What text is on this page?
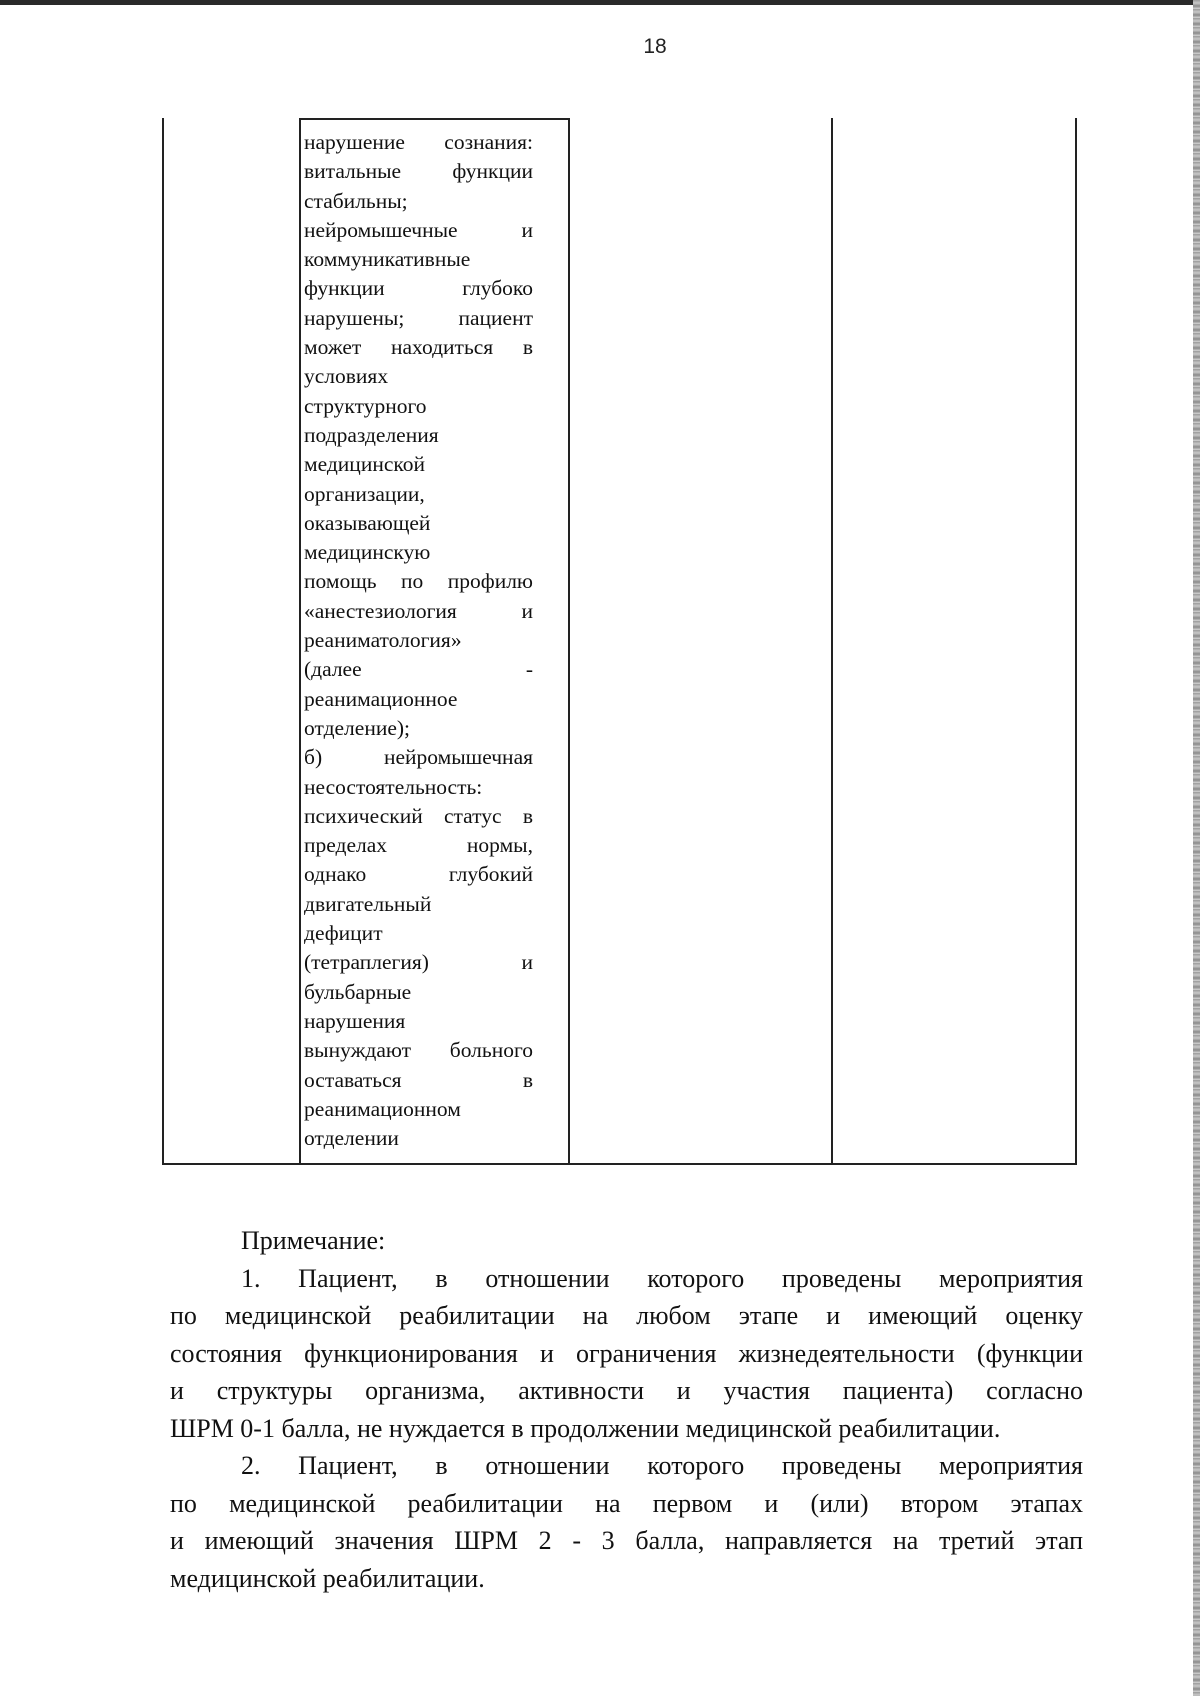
18
нарушение сознания:
витальные функции
стабильны;
нейромышечные и
коммуникативные
функции глубоко
нарушены; пациент
может находиться в
условиях
структурного
подразделения
медицинской
организации,
оказывающей
медицинскую
помощь по профилю
«анестезиология и
реаниматология»
(далее -
реанимационное
отделение);
б) нейромышечная
несостоятельность:
психический статус в
пределах нормы,
однако глубокий
двигательный
дефицит
(тетраплегия) и
бульбарные
нарушения
вынуждают больного
оставаться в
реанимационном
отделении
Примечание:
1. Пациент, в отношении которого проведены мероприятия
по медицинской реабилитации на любом этапе и имеющий оценку
состояния функционирования и ограничения жизнедеятельности (функции
и структуры организма, активности и участия пациента) согласно
ШРМ 0-1 балла, не нуждается в продолжении медицинской реабилитации.
2. Пациент, в отношении которого проведены мероприятия
по медицинской реабилитации на первом и (или) втором этапах
и имеющий значения ШРМ 2 - 3 балла, направляется на третий этап
медицинской реабилитации.
